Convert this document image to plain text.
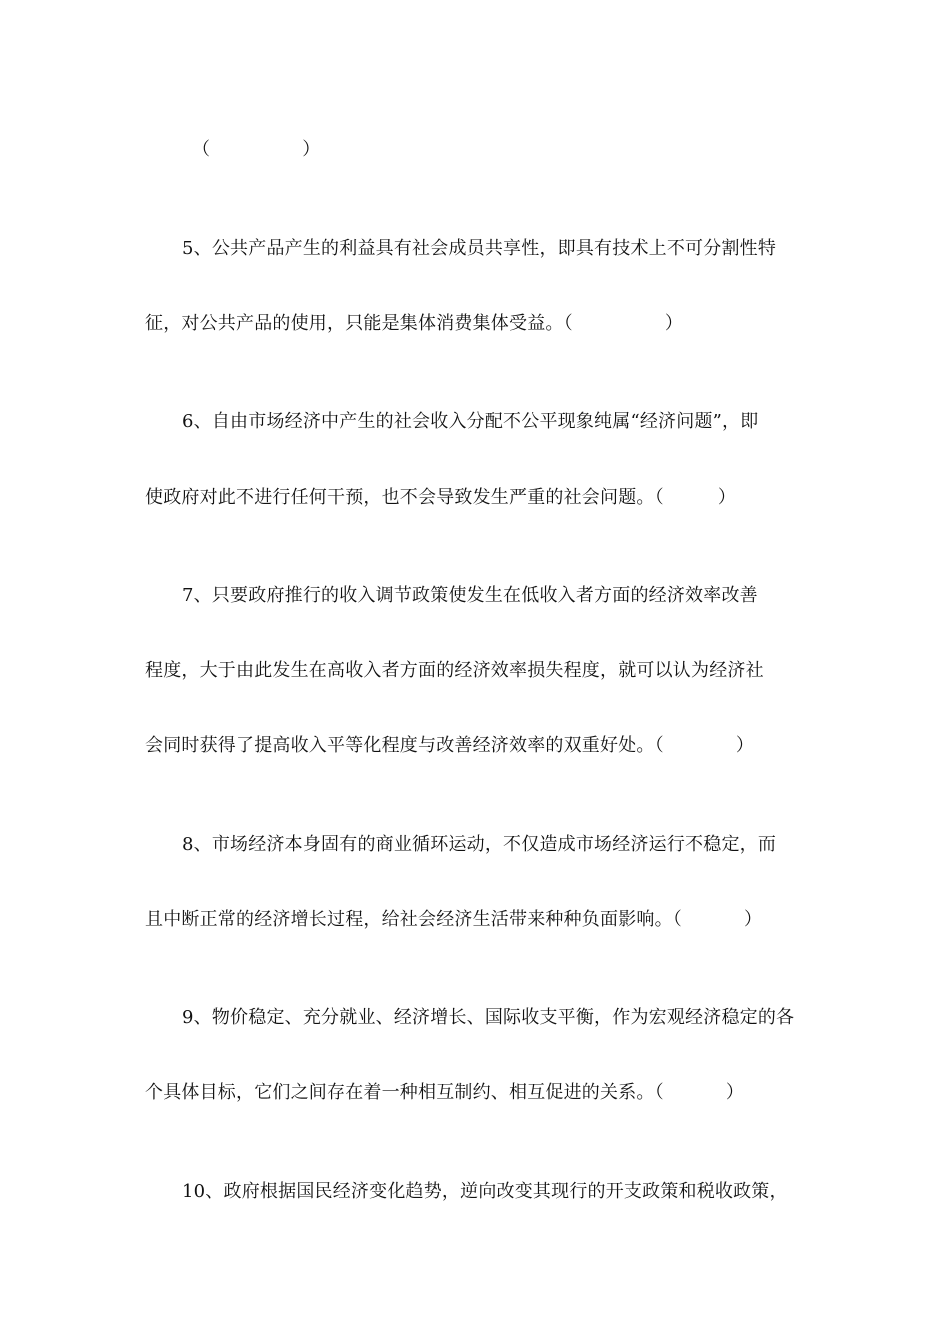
（	）
5、公共产品产生的利益具有社会成员共享性，即具有技术上不可分割性特
征，对公共产品的使用，只能是集体消费集体受益。（	）
6、自由市场经济中产生的社会收入分配不公平现象纯属“经济问题”，即
使政府对此不进行任何干预，也不会导致发生严重的社会问题。（	）
7、只要政府推行的收入调节政策使发生在低收入者方面的经济效率改善
程度，大于由此发生在高收入者方面的经济效率损失程度，就可以认为经济社
会同时获得了提高收入平等化程度与改善经济效率的双重好处。（	）
8、市场经济本身固有的商业循环运动，不仅造成市场经济运行不稳定，而
且中断正常的经济增长过程，给社会经济生活带来种种负面影响。（	）
9、物价稳定、充分就业、经济增长、国际收支平衡，作为宏观经济稳定的各
个具体目标，它们之间存在着一种相互制约、相互促进的关系。（	）
10、政府根据国民经济变化趋势，逆向改变其现行的开支政策和税收政策，
